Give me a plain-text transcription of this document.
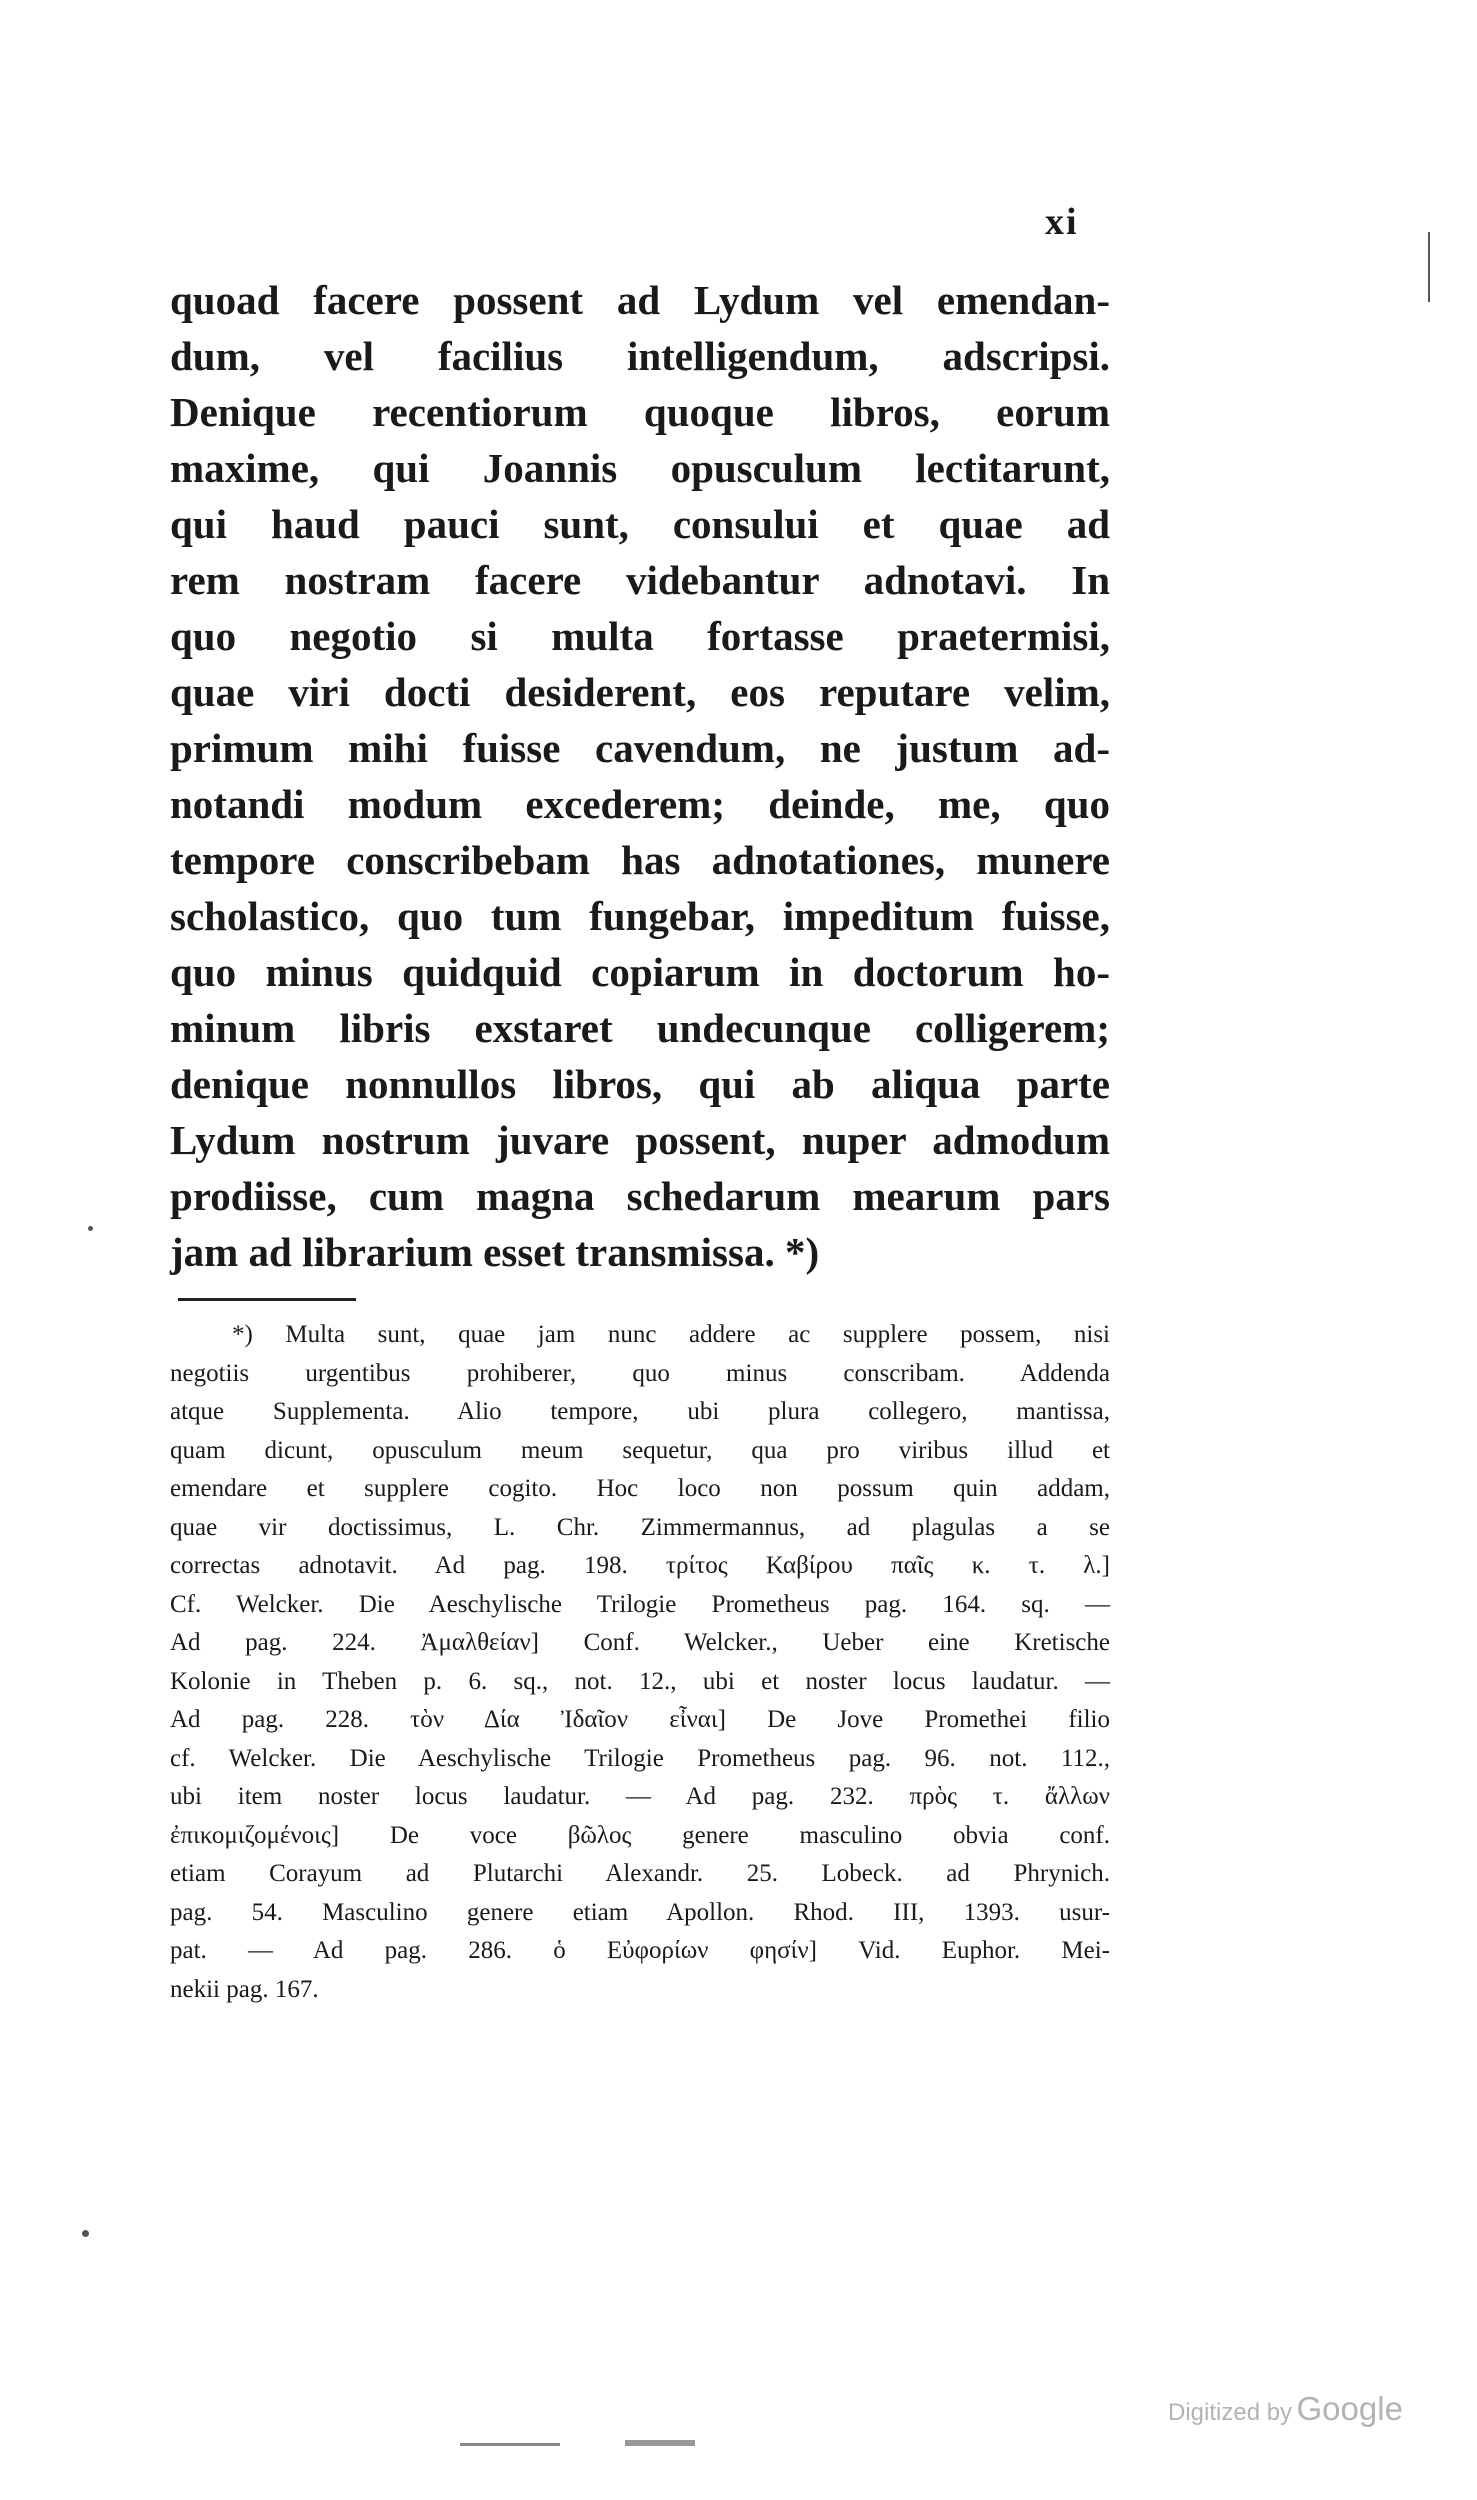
xi
quoad facere possent ad Lydum vel emendan-
dum, vel facilius intelligendum, adscripsi.
Denique recentiorum quoque libros, eorum
maxime, qui Joannis opusculum lectitarunt,
qui haud pauci sunt, consului et quae ad
rem nostram facere videbantur adnotavi. In
quo negotio si multa fortasse praetermisi,
quae viri docti desiderent, eos reputare velim,
primum mihi fuisse cavendum, ne justum ad-
notandi modum excederem; deinde, me, quo
tempore conscribebam has adnotationes, munere
scholastico, quo tum fungebar, impeditum fuisse,
quo minus quidquid copiarum in doctorum ho-
minum libris exstaret undecunque colligerem;
denique nonnullos libros, qui ab aliqua parte
Lydum nostrum juvare possent, nuper admodum
prodiisse, cum magna schedarum mearum pars
jam ad librarium esset transmissa. *)
*) Multa sunt, quae jam nunc addere ac supplere possem, nisi
negotiis urgentibus prohiberer, quo minus conscribam. Addenda
atque Supplementa. Alio tempore, ubi plura collegero, mantissa,
quam dicunt, opusculum meum sequetur, qua pro viribus illud et
emendare et supplere cogito. Hoc loco non possum quin addam,
quae vir doctissimus, L. Chr. Zimmermannus, ad plagulas a se
correctas adnotavit. Ad pag. 198. τρίτος Καβίρου παῖς κ. τ. λ.]
Cf. Welcker. Die Aeschylische Trilogie Prometheus pag. 164. sq. —
Ad pag. 224. Ἀμαλθείαν] Conf. Welcker., Ueber eine Kretische
Kolonie in Theben p. 6. sq., not. 12., ubi et noster locus laudatur. —
Ad pag. 228. τὸν Δία Ἰδαῖον εἶναι] De Jove Promethei filio
cf. Welcker. Die Aeschylische Trilogie Prometheus pag. 96. not. 112.,
ubi item noster locus laudatur. — Ad pag. 232. πρὸς τ. ἄλλων
ἐπικομιζομένοις] De voce βῶλος genere masculino obvia conf.
etiam Corayum ad Plutarchi Alexandr. 25. Lobeck. ad Phrynich.
pag. 54. Masculino genere etiam Apollon. Rhod. III, 1393. usur-
pat. — Ad pag. 286. ὁ Εὐφορίων φησίν] Vid. Euphor. Mei-
nekii pag. 167.
Digitized by Google
